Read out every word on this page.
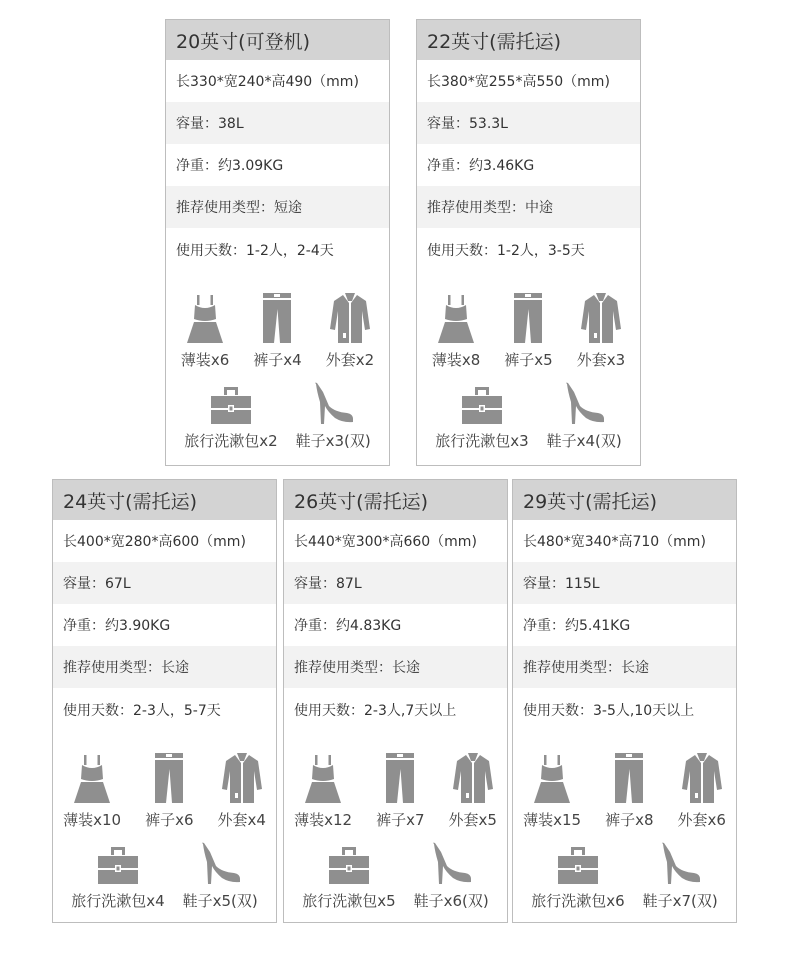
20英寸(可登机)
长330*宽240*高490（mm)
容量：38L
净重：约3.09KG
推荐使用类型：短途
使用天数：1-2人，2-4天
薄装x6 裤子x4 外套x2
旅行洗漱包x2 鞋子x3(双)
22英寸(需托运)
长380*宽255*高550（mm)
容量：53.3L
净重：约3.46KG
推荐使用类型：中途
使用天数：1-2人，3-5天
薄装x8 裤子x5 外套x3
旅行洗漱包x3 鞋子x4(双)
24英寸(需托运)
长400*宽280*高600（mm)
容量：67L
净重：约3.90KG
推荐使用类型：长途
使用天数：2-3人，5-7天
薄装x10 裤子x6 外套x4
旅行洗漱包x4 鞋子x5(双)
26英寸(需托运)
长440*宽300*高660（mm)
容量：87L
净重：约4.83KG
推荐使用类型：长途
使用天数：2-3人,7天以上
薄装x12 裤子x7 外套x5
旅行洗漱包x5 鞋子x6(双)
29英寸(需托运)
长480*宽340*高710（mm)
容量：115L
净重：约5.41KG
推荐使用类型：长途
使用天数：3-5人,10天以上
薄装x15 裤子x8 外套x6
旅行洗漱包x6 鞋子x7(双)
